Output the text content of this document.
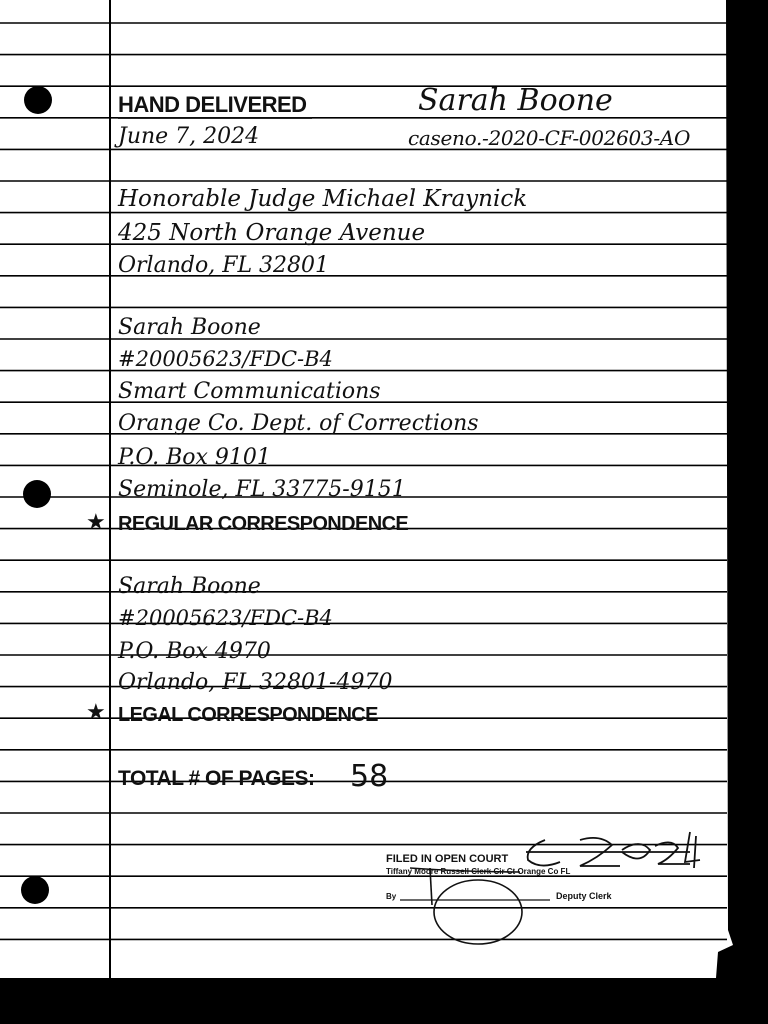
HAND DELIVERED	Sarah Boone
June 7, 2024	caseno.-2020-CF-002603-AO
Honorable Judge Michael Kraynick
425 North Orange Avenue
Orlando, FL 32801
Sarah Boone
#20005623/FDC-B4
Smart Communications
Orange Co. Dept. of Corrections
P.O. Box 9101
Seminole, FL 33775-9151
★ REGULAR CORRESPONDENCE
Sarah Boone
#20005623/FDC-B4
P.O. Box 4970
Orlando, FL 32801-4970
★ LEGAL CORRESPONDENCE
TOTAL # OF PAGES: 58
FILED IN OPEN COURT
Tiffany Moore Russell Clerk Cir Ct Orange Co FL
By	Deputy Clerk
